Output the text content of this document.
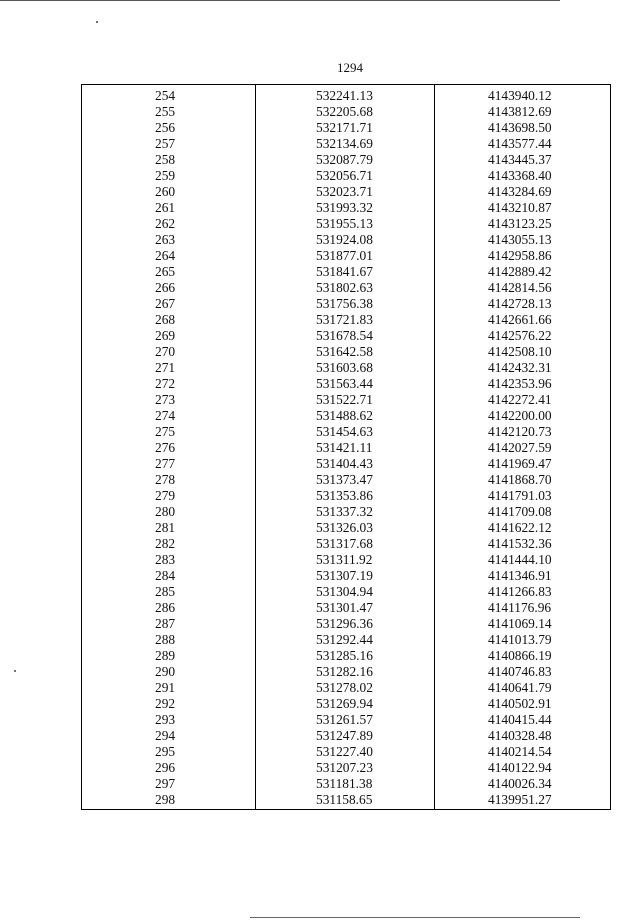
1294
254
255
256
257
258
259
260
261
262
263
264
265
266
267
268
269
270
271
272
273
274
275
276
277
278
279
280
281
282
283
284
285
286
287
288
289
290
291
292
293
294
295
296
297
298
532241.13
532205.68
532171.71
532134.69
532087.79
532056.71
532023.71
531993.32
531955.13
531924.08
531877.01
531841.67
531802.63
531756.38
531721.83
531678.54
531642.58
531603.68
531563.44
531522.71
531488.62
531454.63
531421.11
531404.43
531373.47
531353.86
531337.32
531326.03
531317.68
531311.92
531307.19
531304.94
531301.47
531296.36
531292.44
531285.16
531282.16
531278.02
531269.94
531261.57
531247.89
531227.40
531207.23
531181.38
531158.65
4143940.12
4143812.69
4143698.50
4143577.44
4143445.37
4143368.40
4143284.69
4143210.87
4143123.25
4143055.13
4142958.86
4142889.42
4142814.56
4142728.13
4142661.66
4142576.22
4142508.10
4142432.31
4142353.96
4142272.41
4142200.00
4142120.73
4142027.59
4141969.47
4141868.70
4141791.03
4141709.08
4141622.12
4141532.36
4141444.10
4141346.91
4141266.83
4141176.96
4141069.14
4141013.79
4140866.19
4140746.83
4140641.79
4140502.91
4140415.44
4140328.48
4140214.54
4140122.94
4140026.34
4139951.27
